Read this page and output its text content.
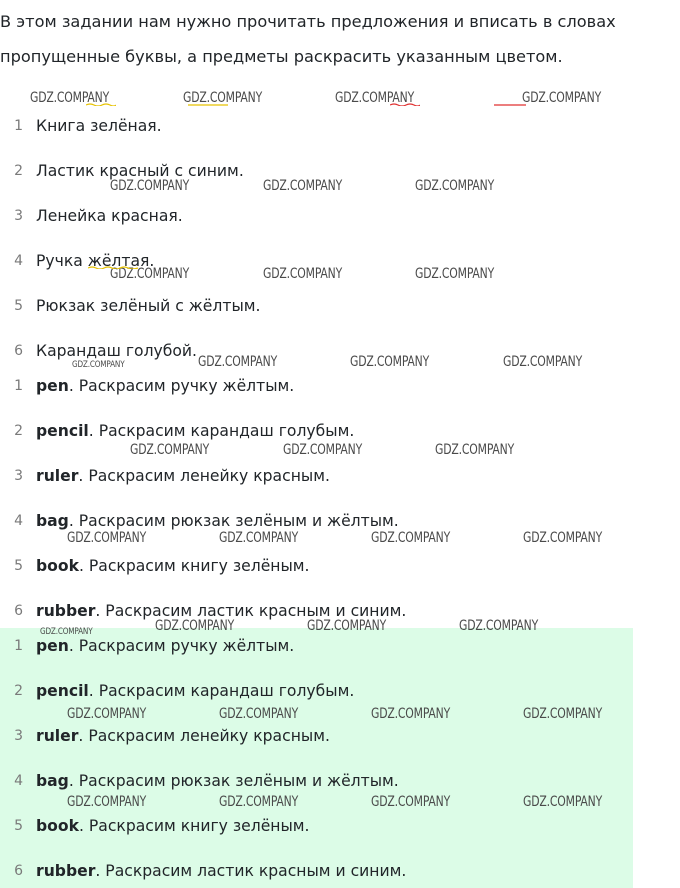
В этом задании нам нужно прочитать предложения и вписать в словах
пропущенные буквы, а предметы раскрасить указанным цветом.
1 Книга зелёная.
2 Ластик красный с синим.
3 Ленейка красная.
4 Ручка жёлтая.
5 Рюкзак зелёный с жёлтым.
6 Карандаш голубой.
1 pen . Раскрасим ручку жёлтым.
2 pencil . Раскрасим карандаш голубым.
3 ruler . Раскрасим ленейку красным.
4 bag . Раскрасим рюкзак зелёным и жёлтым.
5 book . Раскрасим книгу зелёным.
6 rubber . Раскрасим ластик красным и синим.
1 pen . Раскрасим ручку жёлтым.
2 pencil . Раскрасим карандаш голубым.
3 ruler . Раскрасим ленейку красным.
4 bag . Раскрасим рюкзак зелёным и жёлтым.
5 book . Раскрасим книгу зелёным.
6 rubber . Раскрасим ластик красным и синим.
GDZ.COMPANY	GDZ.COMPANY	GDZ.COMPANY	GDZ.COMPANY
GDZ.COMPANY	GDZ.COMPANY	GDZ.COMPANY
GDZ.COMPANY	GDZ.COMPANY	GDZ.COMPANY
GDZ.COMPANY	GDZ.COMPANY	GDZ.COMPANY	GDZ.COMPANY
GDZ.COMPANY	GDZ.COMPANY	GDZ.COMPANY
GDZ.COMPANY	GDZ.COMPANY	GDZ.COMPANY	GDZ.COMPANY
GDZ.COMPANY	GDZ.COMPANY	GDZ.COMPANY	GDZ.COMPANY
GDZ.COMPANY	GDZ.COMPANY	GDZ.COMPANY	GDZ.COMPANY
GDZ.COMPANY	GDZ.COMPANY	GDZ.COMPANY	GDZ.COMPANY
